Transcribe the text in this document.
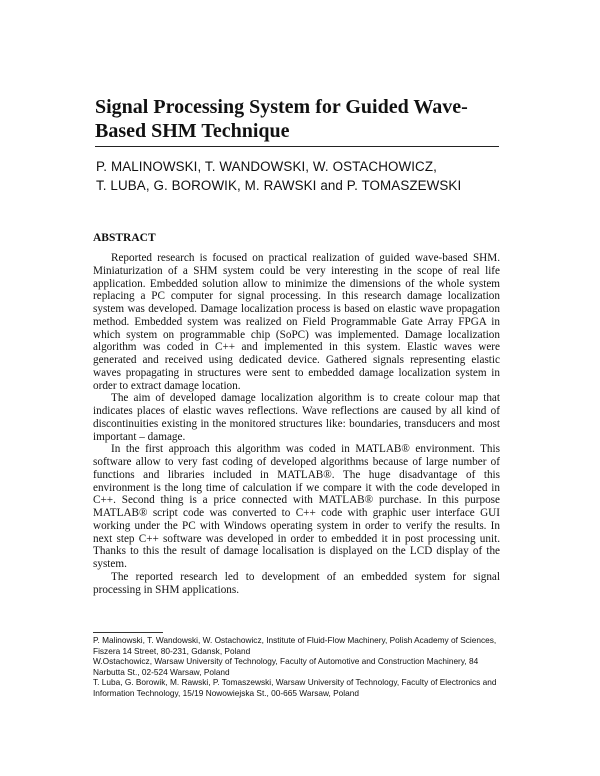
Signal Processing System for Guided Wave-Based SHM Technique
P. MALINOWSKI, T. WANDOWSKI, W. OSTACHOWICZ,
T. LUBA, G. BOROWIK, M. RAWSKI and P. TOMASZEWSKI
ABSTRACT

Reported research is focused on practical realization of guided wave-based SHM. Miniaturization of a SHM system could be very interesting in the scope of real life application. Embedded solution allow to minimize the dimensions of the whole system replacing a PC computer for signal processing. In this research damage localization system was developed. Damage localization process is based on elastic wave propagation method. Embedded system was realized on Field Programmable Gate Array FPGA in which system on programmable chip (SoPC) was implemented. Damage localization algorithm was coded in C++ and implemented in this system. Elastic waves were generated and received using dedicated device. Gathered signals representing elastic waves propagating in structures were sent to embedded damage localization system in order to extract damage location.

The aim of developed damage localization algorithm is to create colour map that indicates places of elastic waves reflections. Wave reflections are caused by all kind of discontinuities existing in the monitored structures like: boundaries, transducers and most important – damage.

In the first approach this algorithm was coded in MATLAB® environment. This software allow to very fast coding of developed algorithms because of large number of functions and libraries included in MATLAB®. The huge disadvantage of this environment is the long time of calculation if we compare it with the code developed in C++. Second thing is a price connected with MATLAB® purchase. In this purpose MATLAB® script code was converted to C++ code with graphic user interface GUI working under the PC with Windows operating system in order to verify the results. In next step C++ software was developed in order to embedded it in post processing unit. Thanks to this the result of damage localisation is displayed on the LCD display of the system.

The reported research led to development of an embedded system for signal processing in SHM applications.

P. Malinowski, T. Wandowski, W. Ostachowicz, Institute of Fluid-Flow Machinery, Polish Academy of Sciences, Fiszera 14 Street, 80-231, Gdansk, Poland

W.Ostachowicz, Warsaw University of Technology, Faculty of Automotive and Construction Machinery, 84 Narbutta St., 02-524 Warsaw, Poland

T. Luba, G. Borowik, M. Rawski, P. Tomaszewski, Warsaw University of Technology, Faculty of Electronics and Information Technology, 15/19 Nowowiejska St., 00-665 Warsaw, Poland
